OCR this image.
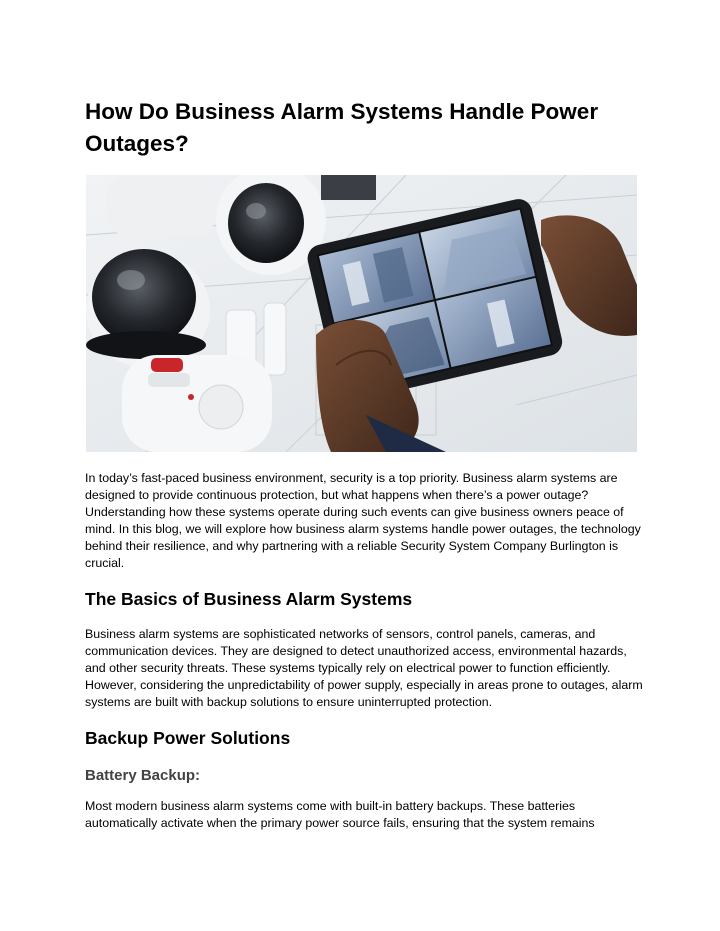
How Do Business Alarm Systems Handle Power Outages?

In today’s fast-paced business environment, security is a top priority. Business alarm systems are designed to provide continuous protection, but what happens when there’s a power outage? Understanding how these systems operate during such events can give business owners peace of mind. In this blog, we will explore how business alarm systems handle power outages, the technology behind their resilience, and why partnering with a reliable Security System Company Burlington is crucial.

The Basics of Business Alarm Systems

Business alarm systems are sophisticated networks of sensors, control panels, cameras, and communication devices. They are designed to detect unauthorized access, environmental hazards, and other security threats. These systems typically rely on electrical power to function efficiently. However, considering the unpredictability of power supply, especially in areas prone to outages, alarm systems are built with backup solutions to ensure uninterrupted protection.

Backup Power Solutions
Battery Backup:

Most modern business alarm systems come with built-in battery backups. These batteries automatically activate when the primary power source fails, ensuring that the system remains
